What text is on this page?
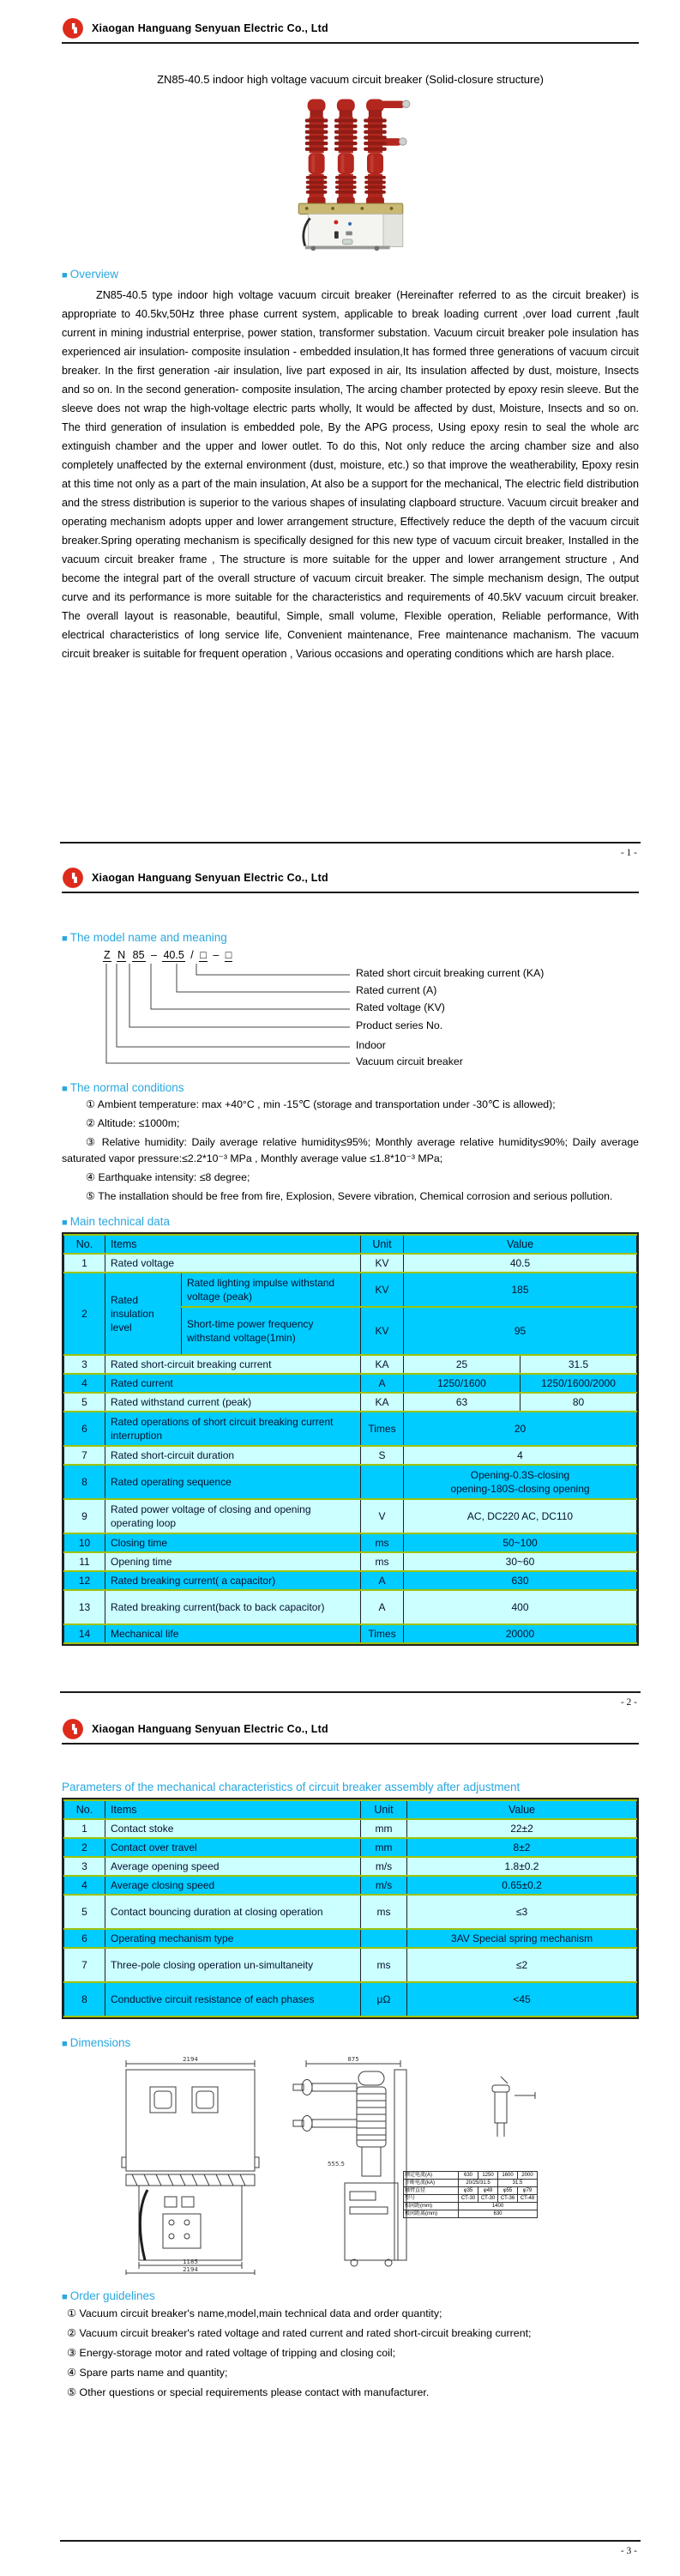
Xiaogan Hanguang Senyuan Electric Co., Ltd
ZN85-40.5 indoor high voltage vacuum circuit breaker (Solid-closure structure)
■ Overview

ZN85-40.5 type indoor high voltage vacuum circuit breaker (Hereinafter referred to as the circuit breaker) is appropriate to 40.5kv,50Hz three phase current system, applicable to break loading current ,over load current ,fault current in mining industrial enterprise, power station, transformer substation. Vacuum circuit breaker pole insulation has experienced air insulation- composite insulation - embedded insulation,It has formed three generations of vacuum circuit breaker. In the first generation -air insulation, live part exposed in air, Its insulation affected by dust, moisture, Insects and so on. In the second generation- composite insulation, The arcing chamber protected by epoxy resin sleeve. But the sleeve does not wrap the high-voltage electric parts wholly, It would be affected by dust, Moisture, Insects and so on. The third generation of insulation is embedded pole, By the APG process, Using epoxy resin to seal the whole arc extinguish chamber and the upper and lower outlet. To do this, Not only reduce the arcing chamber size and also completely unaffected by the external environment (dust, moisture, etc.) so that improve the weatherability, Epoxy resin at this time not only as a part of the main insulation, At also be a support for the mechanical, The electric field distribution and the stress distribution is superior to the various shapes of insulating clapboard structure. Vacuum circuit breaker and operating mechanism adopts upper and lower arrangement structure, Effectively reduce the depth of the vacuum circuit breaker.Spring operating mechanism is specifically designed for this new type of vacuum circuit breaker, Installed in the vacuum circuit breaker frame , The structure is more suitable for the upper and lower arrangement structure , And become the integral part of the overall structure of vacuum circuit breaker. The simple mechanism design, The output curve and its performance is more suitable for the characteristics and requirements of 40.5kV vacuum circuit breaker. The overall layout is reasonable, beautiful, Simple, small volume, Flexible operation, Reliable performance, With electrical characteristics of long service life, Convenient maintenance, Free maintenance machanism. The vacuum circuit breaker is suitable for frequent operation , Various occasions and operating conditions which are harsh place.

- 1 -
Xiaogan Hanguang Senyuan Electric Co., Ltd
■ The model name and meaning
Z N 85 – 40.5 / □ – □
Rated short circuit breaking current (KA)
Rated current (A)
Rated voltage (KV)
Product series No.
Indoor
Vacuum circuit breaker
■ The normal conditions

① Ambient temperature: max +40°C , min -15℃ (storage and transportation under -30℃ is allowed);

② Altitude: ≤1000m;

③ Relative humidity: Daily average relative humidity≤95%; Monthly average relative humidity≤90%; Daily average saturated vapor pressure:≤2.2*10⁻³ MPa , Monthly average value ≤1.8*10⁻³ MPa;

④ Earthquake intensity: ≤8 degree;

⑤ The installation should be free from fire, Explosion, Severe vibration, Chemical corrosion and serious pollution.

■ Main technical data
No.	Items		Unit	Value	
1	Rated voltage		KV	40.5	
2	Rated insulation level	Rated lighting impulse withstand voltage (peak)	KV	185	
		Short-time power frequency withstand voltage(1min)	KV	95	
3	Rated short-circuit breaking current		KA	25	31.5
4	Rated current		A	1250/1600	1250/1600/2000
5	Rated withstand current (peak)		KA	63	80
6	Rated operations of short circuit breaking current interruption		Times	20	
7	Rated short-circuit duration		S	4	
8	Rated operating sequence			Opening-0.3S-closing
opening-180S-closing opening	

9	Rated power voltage of closing and opening operating loop		V	AC, DC220 AC, DC110	
10	Closing time		ms	50~100	
11	Opening time		ms	30~60	
12	Rated breaking current( a capacitor)		A	630	
13	Rated breaking current(back to back capacitor)		A	400	
14	Mechanical life		Times	20000	
- 2 -
Xiaogan Hanguang Senyuan Electric Co., Ltd
Parameters of the mechanical characteristics of circuit breaker assembly after adjustment
No.	Items	Unit	Value
1	Contact stoke	mm	22±2
2	Contact over travel	mm	8±2
3	Average opening speed	m/s	1.8±0.2
4	Average closing speed	m/s	0.65±0.2
5	Contact bouncing duration at closing operation	ms	≤3
6	Operating mechanism type		3AV Special spring mechanism
7	Three-pole closing operation un-simultaneity	ms	≤2
8	Conductive circuit resistance of each phases	μΩ	<45
■ Dimensions
2194	875
1185
2194
555.5
额定电流(A)	630	1250	1600	2000
开断电流(kA)	20/25/31.5		31.5	
触臂直径	φ35	φ49	φ55	φ79
型号	CT-30	CT-30	CT-36	CT-48
相间距(mm)	1400			
极间距离(mm)	630			
■ Order guidelines

① Vacuum circuit breaker's name,model,main technical data and order quantity;

② Vacuum circuit breaker's rated voltage and rated current and rated short-circuit breaking current;

③ Energy-storage motor and rated voltage of tripping and closing coil;

④ Spare parts name and quantity;

⑤ Other questions or special requirements please contact with manufacturer.

- 3 -
